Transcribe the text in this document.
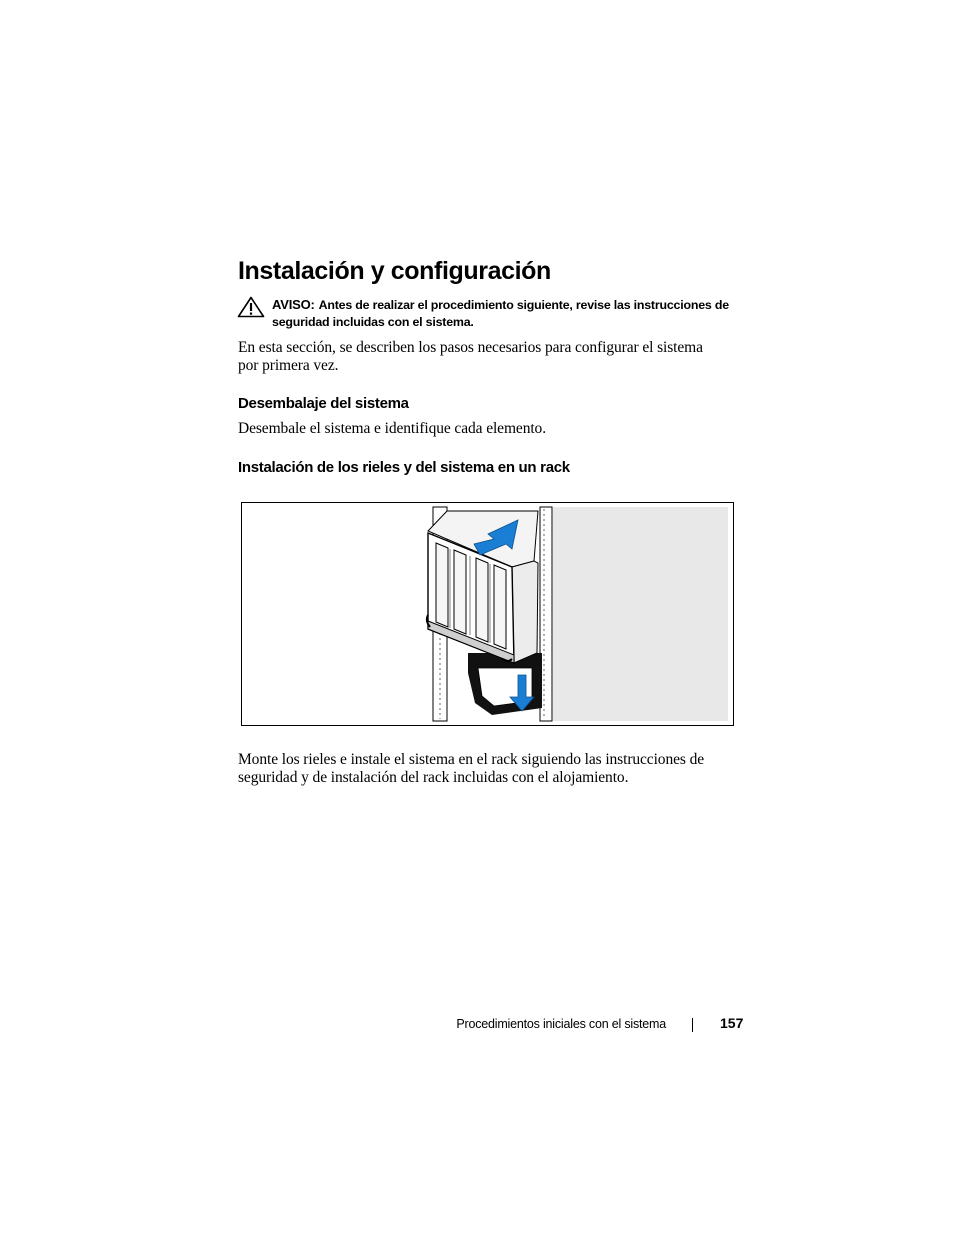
Instalación y configuración
AVISO: Antes de realizar el procedimiento siguiente, revise las instrucciones de seguridad incluidas con el sistema.

En esta sección, se describen los pasos necesarios para configurar el sistema por primera vez.

Desembalaje del sistema

Desembale el sistema e identifique cada elemento.

Instalación de los rieles y del sistema en un rack

Monte los rieles e instale el sistema en el rack siguiendo las instrucciones de seguridad y de instalación del rack incluidas con el alojamiento.

Procedimientos iniciales con el sistema	157
